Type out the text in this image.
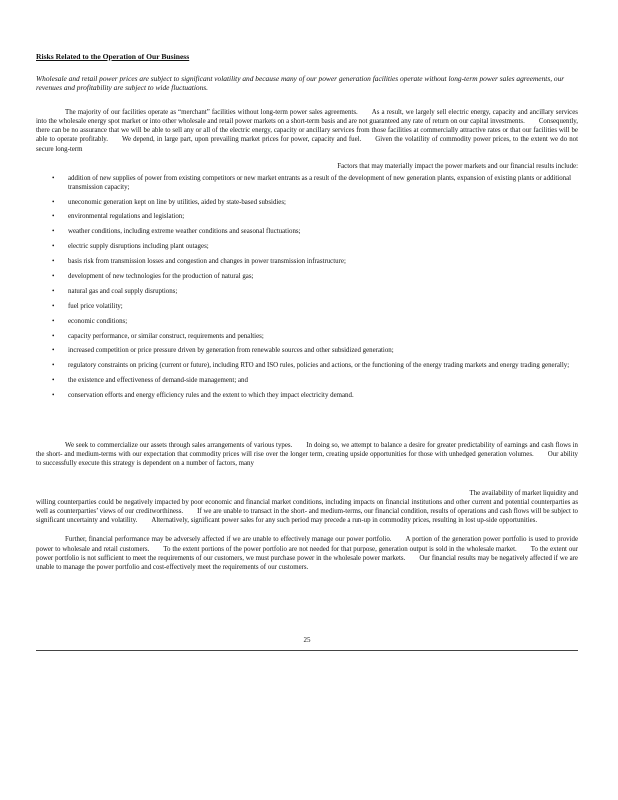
Risks Related to the Operation of Our Business

Wholesale and retail power prices are subject to significant volatility and because many of our power generation facilities operate without long-term power sales agreements, our revenues and profitability are subject to wide fluctuations.

The majority of our facilities operate as “merchant” facilities without long-term power sales agreements. As a result, we largely sell electric energy, capacity and ancillary services into the wholesale energy spot market or into other wholesale and retail power markets on a short-term basis and are not guaranteed any rate of return on our capital investments. Consequently, there can be no assurance that we will be able to sell any or all of the electric energy, capacity or ancillary services from those facilities at commercially attractive rates or that our facilities will be able to operate profitably. We depend, in large part, upon prevailing market prices for power, capacity and fuel. Given the volatility of commodity power prices, to the extent we do not secure long-term

Factors that may materially impact the power markets and our financial results include:

• addition of new supplies of power from existing competitors or new market entrants as a result of the development of new generation plants, expansion of existing plants or additional transmission capacity;
• uneconomic generation kept on line by utilities, aided by state-based subsidies;
• environmental regulations and legislation;
• weather conditions, including extreme weather conditions and seasonal fluctuations;
• electric supply disruptions including plant outages;
• basis risk from transmission losses and congestion and changes in power transmission infrastructure;
• development of new technologies for the production of natural gas;
• natural gas and coal supply disruptions;
• fuel price volatility;
• economic conditions;
• capacity performance, or similar construct, requirements and penalties;
• increased competition or price pressure driven by generation from renewable sources and other subsidized generation;
• regulatory constraints on pricing (current or future), including RTO and ISO rules, policies and actions, or the functioning of the energy trading markets and energy trading generally;
• the existence and effectiveness of demand-side management; and
• conservation efforts and energy efficiency rules and the extent to which they impact electricity demand.

We seek to commercialize our assets through sales arrangements of various types. In doing so, we attempt to balance a desire for greater predictability of earnings and cash flows in the short- and medium-terms with our expectation that commodity prices will rise over the longer term, creating upside opportunities for those with unhedged generation volumes. Our ability to successfully execute this strategy is dependent on a number of factors, many

The availability of market liquidity and

willing counterparties could be negatively impacted by poor economic and financial market conditions, including impacts on financial institutions and other current and potential counterparties as well as counterparties’ views of our creditworthiness. If we are unable to transact in the short- and medium-terms, our financial condition, results of operations and cash flows will be subject to significant uncertainty and volatility. Alternatively, significant power sales for any such period may precede a run-up in commodity prices, resulting in lost up-side opportunities.

Further, financial performance may be adversely affected if we are unable to effectively manage our power portfolio. A portion of the generation power portfolio is used to provide power to wholesale and retail customers. To the extent portions of the power portfolio are not needed for that purpose, generation output is sold in the wholesale market. To the extent our power portfolio is not sufficient to meet the requirements of our customers, we must purchase power in the wholesale power markets. Our financial results may be negatively affected if we are unable to manage the power portfolio and cost-effectively meet the requirements of our customers.

25
